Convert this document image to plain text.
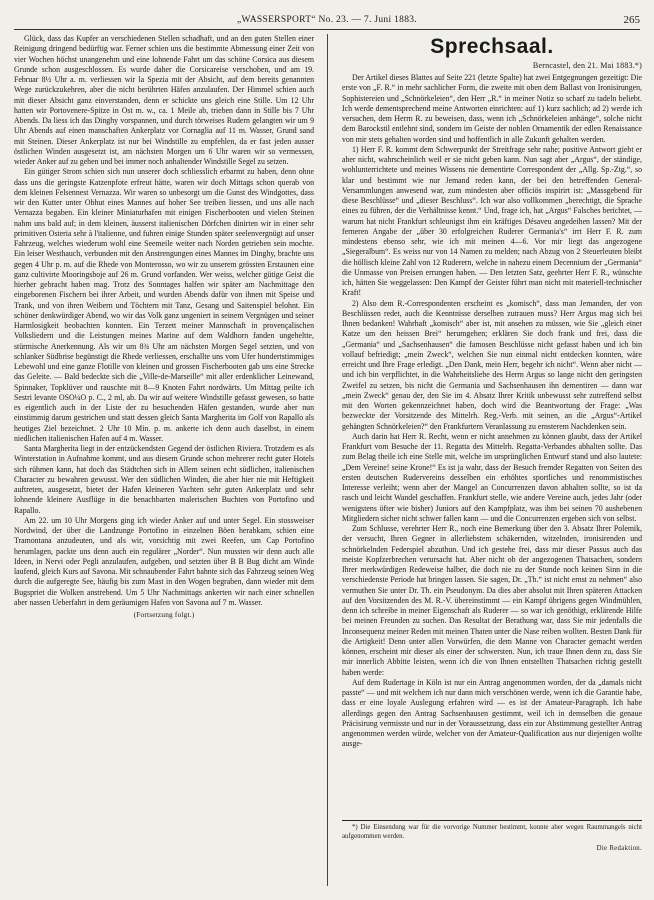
„WASSERSPORT“ No. 23. — 7. Juni 1883.	265

Glück, dass das Kupfer an verschiedenen Stellen schadhaft, und an den guten Stellen einer Reinigung dringend bedürftig war. Ferner schien uns die bestimmte Abmessung einer Zeit von vier Wochen höchst unangenehm und eine lohnende Fahrt um das schöne Corsica aus diesem Grunde schon ausgeschlossen. Es wurde daher die Corsicareise verschoben, und am 19. Februar 8½ Uhr a. m. verliessen wir la Spezia mit der Absicht, auf dem bereits genannten Wege zurückzukehren, aber die nicht berührten Häfen anzulaufen. Der Himmel schien auch mit dieser Absicht ganz einverstanden, denn er schickte uns gleich eine Stille. Um 12 Uhr hatten wir Portovenere-Spitze in Ost m. w., ca. 1 Meile ab, trieben dann in Stille bis 7 Uhr Abends. Da liess ich das Dinghy vorspannen, und durch törweises Rudern gelangten wir um 9 Uhr Abends auf einen manschaften Ankerplatz vor Cornaglia auf 11 m. Wasser, Grund sand mit Steinen. Dieser Ankerplatz ist nur bei Windstille zu empfehlen, da er fast jeden ausser östlichen Winden ausgesetzt ist, am nächsten Morgen um 6 Uhr waren wir so vermessen, wieder Anker auf zu gehen und bei immer noch anhaltender Windstille Segel zu setzen.

Ein gütiger Strom schien sich nun unserer doch schliesslich erbarmt zu haben, denn ohne dass uns die geringste Katzenpfote erfreut hätte, waren wir doch Mittags schon querab von dem kleinen Felsennest Vernazza. Wir waren so unbesorgt um die Gunst des Windgottes, dass wir den Kutter unter Obhut eines Mannes auf hoher See treiben liessen, und uns alle nach Vernazza begaben. Ein kleiner Miniaturhafen mit einigen Fischerbooten und vielen Steinen nahm uns bald auf; in dem kleinen, äusserst italienischen Dörfchen dinirten wir in einer sehr primitiven Osteria sehr à l'italienne, und fuhren einige Stunden später seelenvergnügt auf unser Fahrzeug, welches wiederum wohl eine Seemeile weiter nach Norden getrieben sein mochte. Ein leiser Westhauch, verbunden mit den Anstrengungen eines Mannes im Dinghy, brachte uns gegen 4 Uhr p. m. auf die Rhede von Monterosso, wo wir zu unserem grössten Erstaunen eine ganz cultivirte Mooringsboje auf 26 m. Grund vorfanden. Wer weiss, welcher gütige Geist die hierher gebracht haben mag. Trotz des Sonntages halfen wir später am Nachmittage den eingeborenen Fischern bei ihrer Arbeit, und wurden Abends dafür von ihnen mit Speise und Trank, und von ihren Weibern und Töchtern mit Tanz, Gesang und Saitenspiel belohnt. Ein schöner denkwürdiger Abend, wo wir das Volk ganz ungeniert in seinem Vergnügen und seiner Harmlosigkeit beobachten konnten. Ein Terzett meiner Mannschaft in provençalischen Volksliedern und die Leistungen meines Marine auf dem Waldhorn fanden ungeheltte, stürmische Anerkennung. Als wir um 8¾ Uhr am nächsten Morgen Segel setzten, und von schlanker Südbrise begünstigt die Rhede verliessen, erschallte uns vom Ufer hundertstimmiges Lebewohl und eine ganze Flotille von kleinen und grossen Fischerbooten gab uns eine Strecke das Geleite. — Bald bedeckte sich die „Ville-de-Marseille“ mit aller erdenklicher Leinewand, Spinnaker, Topklüver und rauschte mit 8—9 Knoten Fahrt nordwärts. Um Mittag peilte ich Sestri levante OSO¼O p. C., 2 ml, ab. Da wir auf weitere Windstille gefasst gewesen, so hatte es eigentlich auch in der Liste der zu besuchenden Häfen gestanden, wurde aber nun einstimmig darum gestrichen und statt dessen gleich Santa Margherita im Golf von Rapallo als heutiges Ziel bezeichnet. 2 Uhr 10 Min. p. m. ankerte ich denn auch daselbst, in einem niedlichen italienischen Hafen auf 4 m. Wasser.

Santa Margherita liegt in der entzückendsten Gegend der östlichen Riviera. Trotzdem es als Winterstation in Aufnahme kommt, und aus diesem Grunde schon mehrerer recht guter Hotels sich rühmen kann, hat doch das Städtchen sich in Allem seinen echt südlichen, italienischen Character zu bewahren gewusst. Wer den südlichen Winden, die aber hier nie mit Heftigkeit auftreten, ausgesetzt, bietet der Hafen kleineren Yachten sehr guten Ankerplatz und sehr lohnende kleinere Ausflüge in die benachbarten malerischen Buchten von Portofino und Rapallo.

Am 22. um 10 Uhr Morgens ging ich wieder Anker auf und unter Segel. Ein stossweiser Nordwind, der über die Landzunge Portofino in einzelnen Böen herabkam, schien eine Tramontana anzudeuten, und als wir, vorsichtig mit zwei Reefen, um Cap Portofino herumlagen, packte uns denn auch ein regulärer „Norder“. Nun mussten wir denn auch alle Ideen, in Nervi oder Pegli anzulaufen, aufgeben, und setzten über B B Bug dicht am Winde laufend, gleich Kurs auf Savona. Mit schnaubender Fahrt bahnte sich das Fahrzeug seinen Weg durch die aufgeregte See, häufig bis zum Mast in den Wogen begraben, dann wieder mit dem Bugspriet die Wolken anstrebend. Um 5 Uhr Nachmittags ankerten wir nach einer schnellen aber nassen Ueberfahrt in dem geräumigen Hafen von Savona auf 7 m. Wasser.

(Fortsetzung folgt.)
Sprechsaal.
Berncastel, den 21. Mai 1883.*)

Der Artikel dieses Blattes auf Seite 221 (letzte Spalte) hat zwei Entgegnungen gezeitigt: Die erste von „F. R.“ in mehr sachlicher Form, die zweite mit oben dem Ballast von Ironisirungen, Sophistereien und „Schnörkeleien“, den Herr „R.“ in meiner Notiz so scharf zu tadeln beliebt. Ich werde dementsprechend meine Antworten einrichten: auf 1) kurz sachlich; ad 2) werde ich versuchen, dem Herrn R. zu beweisen, dass, wenn ich „Schnörkeleien anhänge“, solche nicht dem Barockstil entlehnt sind, sondern im Geiste der noblen Ornamentik der edlen Renaissance von mir stets gehalten worden sind und hoffentlich in alle Zukunft gehalten werden.

1) Herr F. R. kommt dem Schwerpunkt der Streitfrage sehr nahe; positive Antwort giebt er aber nicht, wahrscheinlich weil er sie nicht geben kann. Nun sagt aber „Argus“, der ständige, wohlunterrichtete und meines Wissens nie dementirte Correspondent der „Allg. Sp.-Ztg.“, so klar und bestimmt wie nur Jemand reden kann, der bei den betreffenden General-Versammlungen anwesend war, zum mindesten aber officiös inspirirt ist: „Massgebend für diese Beschlüsse“ und „dieser Beschluss“. Ich war also vollkommen „berechtigt, die Sprache eines zu führen, der die Verhältnisse kennt.“ Und, frage ich, hat „Argus“ Falsches berichtet, — warum hat nicht Frankfurt schleunigst ihm ein kräftiges Désaveu angedeihen lassen? Mit der ferneren Angabe der „über 30 erfolgreichen Ruderer Germania's“ irrt Herr F. R. zum mindestens ebenso sehr, wie ich mit meinen 4—6. Vor mir liegt das angezogene „Siegeralbum“. Es weiss nur von 14 Namen zu melden; nach Abzug von 2 Steuerleuten bleibt die höllisch kleine Zahl von 12 Ruderern, welche in nahezu einem Decennium der „Germania“ die Unmasse von Preisen errungen haben. — Den letzten Satz, geehrter Herr F. R., wünschte ich, hätten Sie weggelassen: Den Kampf der Geister führt man nicht mit materiell-technischer Kraft!

2) Also dem R.-Correspondenten erscheint es „komisch“, dass man Jemanden, der von Beschlüssen redet, auch die Kenntnisse derselben zutrauen muss? Herr Argus mag sich bei Ihnen bedanken! Wahrhaft „komisch“ aber ist, mit ansehen zu müssen, wie Sie „gleich einer Katze um den heissen Brei“ herumgehen; erklären Sie doch frank und frei, dass die „Germania“ und „Sachsenhausen“ die famosen Beschlüsse nicht gefasst haben und ich bin vollauf befriedigt; „mein Zweck“, welchen Sie nun einmal nicht entdecken konnten, wäre erreicht und Ihre Frage erledigt. „Den Dank, mein Herr, begehr ich nicht“. Wenn aber nicht — und ich bin verpflichtet, in die Wahrheitsliebe des Herrn Argus so lange nicht den geringsten Zweifel zu setzen, bis nicht die Germania und Sachsenhausen ihn dementiren — dann war „mein Zweck“ genau der, den Sie im 4. Absatz Ihrer Kritik unbewusst sehr zutreffend selbst mit den Worten gekennzeichnet haben, doch wird die Beantwortung der Frage: „Was bezweckte der Vorsitzende des Mittelrh. Reg.-Verb. mit seinen, an die „Argus“-Artikel gehängten Schnörkeleien?“ den Frankfurtern Veranlassung zu ernsterem Nachdenken sein.

Auch darin hat Herr R. Recht, wenn er nicht annehmen zu können glaubt, dass der Artikel Frankfurt vom Besuche der 11. Regatta des Mittelrh. Regatta-Verbandes abhalten sollte. Das zum Belag theile ich eine Stelle mit, welche im ursprünglichen Entwurf stand und also lautete: „Dem Vereine! seine Krone!“ Es ist ja wahr, dass der Besuch fremder Regatten von Seiten des ersten deutschen Rudervereins desselben ein erhöhtes sportliches und renommistisches Interesse verleiht; wenn aber der Mangel an Concurrenzen davon abhalten sollte, so ist da rasch und leicht Wandel geschaffen. Frankfurt stelle, wie andere Vereine auch, jedes Jahr (oder wenigstens öfter wie bisher) Juniors auf den Kampfplatz, was ihm bei seinen 70 aushebenen Mitgliedern sicher nicht schwer fallen kann — und die Concurrenzen ergeben sich von selbst.

Zum Schlusse, verehrter Herr R., noch eine Bemerkung über den 3. Absatz Ihrer Polemik, der versucht, Ihren Gegner in allerliebstem schäkernden, witzelnden, ironisirenden und schnörkelnden Federspiel abzuthun. Und ich gestehe frei, dass mir dieser Passus auch das meiste Kopfzerbrechen verursacht hat. Aber nicht ob der angezogenen Thatsachen, sondern Ihrer merkwürdigen Redeweise halber, die doch nie zu der Stunde noch keinen Sinn in die verschiedenste Periode hat bringen lassen. Sie sagen, Dr. „Th.“ ist nicht ernst zu nehmen“ also vermuthen Sie unter Dr. Th. ein Pseudonym. Da dies aber absolut mit Ihren späteren Attacken auf den Vorsitzenden des M. R.-V. übereinstimmt — ein Kampf übrigens gegen Windmühlen, denn ich schreibe in meiner Eigenschaft als Ruderer — so war ich genöthigt, erklärende Hilfe bei meinen Freunden zu suchen. Das Resultat der Berathung war, dass Sie mir jedenfalls die Inconsequenz meiner Reden mit meinen Thaten unter die Nase reiben wollten. Besten Dank für die Artigkeit! Denn unter allen Vorwürfen, die dem Manne von Character gemacht werden können, erscheint mir dieser als einer der schwersten. Nun, ich traue Ihnen denn zu, dass Sie mir innerlich Abbitte leisten, wenn ich die von Ihnen entstellten Thatsachen richtig gestellt haben werde:

Auf dem Rudertage in Köln ist nur ein Antrag angenommen worden, der da „damals nicht passte“ — und mit welchem ich nur dann mich verschönen werde, wenn ich die Garantie habe, dass er eine loyale Auslegung erfahren wird — es ist der Amateur-Paragraph. Ich habe allerdings gegen den Antrag Sachsenhausen gestimmt, weil ich in demselben die genaue Präcisirung vermisste und nur in der Voraussetzung, dass ein zur Abstimmung gestellter Antrag angenommen werden würde, welcher von der Amateur-Qualification aus nur diejenigen wollte ausge-

*) Die Einsendung war für die vorvorige Nummer bestimmt, konnte aber wegen Raummangels nicht aufgenommen werden.
Die Redaktion.
